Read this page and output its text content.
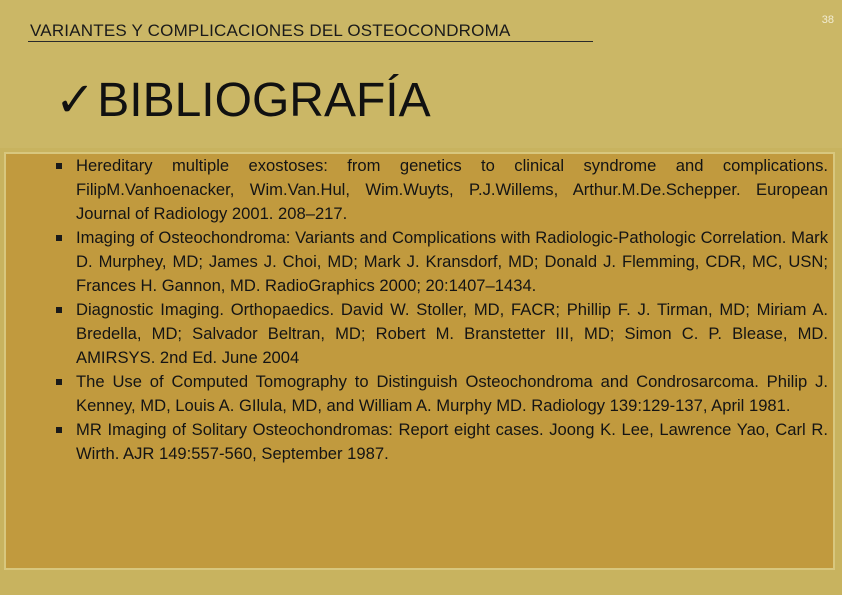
VARIANTES Y COMPLICACIONES DEL OSTEOCONDROMA
38
✓BIBLIOGRAFÍA
Hereditary multiple exostoses: from genetics to clinical syndrome and complications. FilipM.Vanhoenacker, Wim.Van.Hul, Wim.Wuyts, P.J.Willems, Arthur.M.De.Schepper. European Journal of Radiology 2001. 208–217.
Imaging of Osteochondroma: Variants and Complications with Radiologic-Pathologic Correlation. Mark D. Murphey, MD; James J. Choi, MD; Mark J. Kransdorf, MD; Donald J. Flemming, CDR, MC, USN; Frances H. Gannon, MD. RadioGraphics 2000; 20:1407–1434.
Diagnostic Imaging. Orthopaedics. David W. Stoller, MD, FACR; Phillip F. J. Tirman, MD; Miriam A. Bredella, MD; Salvador Beltran, MD; Robert M. Branstetter III, MD; Simon C. P. Blease, MD. AMIRSYS. 2nd Ed. June 2004
The Use of Computed Tomography to Distinguish Osteochondroma and Condrosarcoma. Philip J. Kenney, MD, Louis A. GIlula, MD, and William A. Murphy MD. Radiology 139:129-137, April 1981.
MR Imaging of Solitary Osteochondromas: Report eight cases. Joong K. Lee, Lawrence Yao, Carl R. Wirth. AJR 149:557-560, September 1987.
